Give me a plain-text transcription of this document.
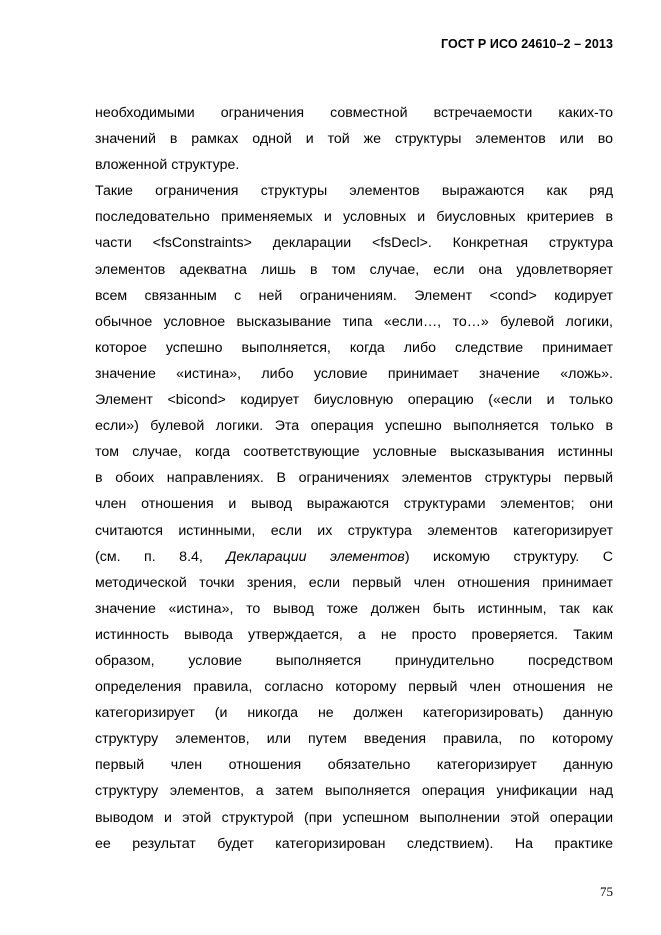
ГОСТ Р ИСО 24610–2 – 2013
необходимыми ограничения совместной встречаемости каких-то
значений в рамках одной и той же структуры элементов или во
вложенной структуре.
Такие ограничения структуры элементов выражаются как ряд
последовательно применяемых и условных и биусловных критериев в
части <fsConstraints> декларации <fsDecl>. Конкретная структура
элементов адекватна лишь в том случае, если она удовлетворяет
всем связанным с ней ограничениям. Элемент <cond> кодирует
обычное условное высказывание типа «если…, то…» булевой логики,
которое успешно выполняется, когда либо следствие принимает
значение «истина», либо условие принимает значение «ложь».
Элемент <bicond> кодирует биусловную операцию («если и только
если») булевой логики. Эта операция успешно выполняется только в
том случае, когда соответствующие условные высказывания истинны
в обоих направлениях. В ограничениях элементов структуры первый
член отношения и вывод выражаются структурами элементов; они
считаются истинными, если их структура элементов категоризирует
(см. п. 8.4, Декларации элементов) искомую структуру. С
методической точки зрения, если первый член отношения принимает
значение «истина», то вывод тоже должен быть истинным, так как
истинность вывода утверждается, а не просто проверяется. Таким
образом, условие выполняется принудительно посредством
определения правила, согласно которому первый член отношения не
категоризирует (и никогда не должен категоризировать) данную
структуру элементов, или путем введения правила, по которому
первый член отношения обязательно категоризирует данную
структуру элементов, а затем выполняется операция унификации над
выводом и этой структурой (при успешном выполнении этой операции
ее результат будет категоризирован следствием). На практике
75
